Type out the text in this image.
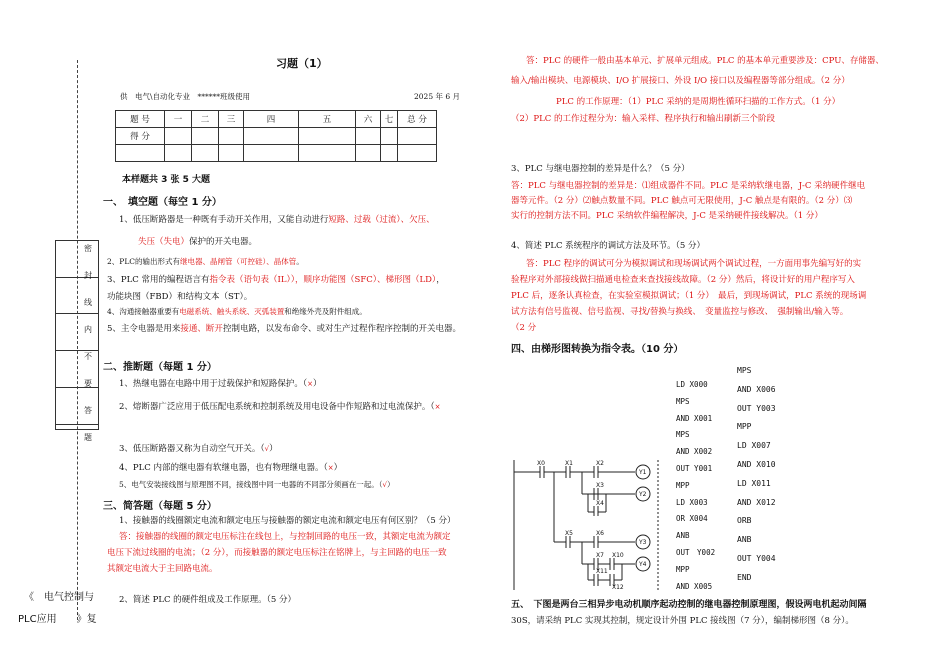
密
封
线
内
不
要
答
题
《　电气控制与
PLC应用　　》复
习题（1）
供　电气\自动化专业　******班级使用	2025 年 6 月
题 号	一	二	三	四	五	六	七	总 分
得 分								

本样题共 3 张 5 大题
一、　填空题（每空 1 分）
1、低压断路器是一种既有手动开关作用，又能自动进行短路、过载（过流）、欠压、
失压（失电）保护的开关电器。
2、PLC的输出形式有继电器、晶闸管（可控硅）、晶体管。
3、PLC 常用的编程语言有指令表（语句表（IL）），顺序功能图（SFC）、梯形图（LD），
功能块图（FBD）和结构文本（ST）。
4、沟通接触器重要有电磁系统、触头系统、灭弧装置和绝缘外壳及附件组成。
5、主令电器是用来接通、断开控制电路，以发布命令、或对生产过程作程序控制的开关电器。
二、推断题（每题 1 分）
1、热继电器在电路中用于过载保护和短路保护。（×）
2、熔断器广泛应用于低压配电系统和控制系统及用电设备中作短路和过电流保护。（×
3、低压断路器又称为自动空气开关。（√）
4、PLC 内部的继电器有软继电器，也有物理继电器。（×）
5、电气安装接线图与原理图不同，接线图中同一电器的不同部分须画在一起。（√）
三、简答题（每题 5 分）
1、接触器的线圈额定电流和额定电压与接触器的额定电流和额定电压有何区别？（5 分）
答：接触器的线圈的额定电压标注在线包上，与控制回路的电压一致，其额定电流为额定
电压下流过线圈的电流；（2 分），而接触器的额定电压标注在铭牌上，与主回路的电压一致
其额定电流大于主回路电流。
2、简述 PLC 的硬件组成及工作原理。（5 分）
答：PLC 的硬件一般由基本单元、扩展单元组成。PLC 的基本单元重要涉及：CPU、存储器、
输入/输出模块、电源模块、I/O 扩展接口、外设 I/O 接口以及编程器等部分组成。（2 分）
PLC 的工作原理：（1）PLC 采纳的是周期性循环扫描的工作方式。（1 分）
（2）PLC 的工作过程分为：输入采样、程序执行和输出刷新三个阶段
3、PLC 与继电器控制的差异是什么？（5 分）
答：PLC 与继电器控制的差异是：⑴组成器件不同。PLC 是采纳软继电器，J-C 采纳硬件继电
器等元件。（2 分）⑵触点数量不同。PLC 触点可无限使用，J-C 触点是有限的。（2 分）⑶
实行的控制方法不同。PLC 采纳软件编程解决，J-C 是采纳硬件接线解决。（1 分）
4、简述 PLC 系统程序的调试方法及环节。（5 分）
答：PLC 程序的调试可分为模拟调试和现场调试两个调试过程，一方面用事先编写好的实
验程序对外部接线做扫描通电检查来查找接线故障。（2 分）然后，将设计好的用户程序写入
PLC 后，逐条认真检查，在实验室模拟调试；（1 分）　最后，到现场调试，PLC 系统的现场调
试方法有信号监视、信号监视、寻找/替换与换线、　变量监控与修改、　强制输出/输入等。
（2 分
四、由梯形图转换为指令表。（10 分）
LD X000
MPS
AND X001
MPS
AND X002
OUT Y001
MPP
LD X003
OR X004
ANB
OUT　Y002
MPP
AND X005
MPS
AND X006
OUT Y003
MPP
LD X007
AND X010
LD X011
AND X012
ORB
ANB
OUT Y004
END
X0	X1	X2
Y1
Y2
X3
X4
X5	X6
Y3
X7 X10
Y4
X11
X12
五、　下图是两台三相异步电动机顺序起动控制的继电器控制原理图，假设两电机起动间隔
30S，请采纳 PLC 实现其控制，规定设计外围 PLC 接线图（7 分），编制梯形图（8 分）。
